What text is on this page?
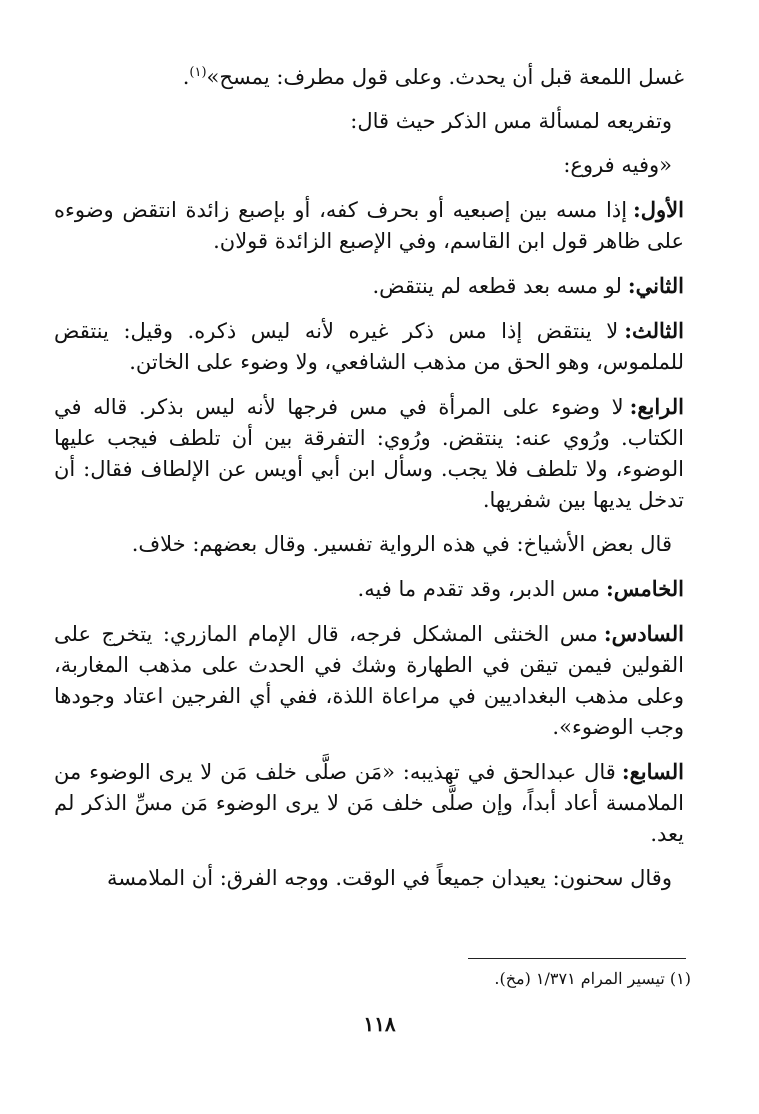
غسل اللمعة قبل أن يحدث. وعلى قول مطرف: يمسح»$^{(١)}$.

وتفريعه لمسألة مس الذكر حيث قال:

«وفيه فروع:

الأول:إذا مسه بين إصبعيه أو بحرف كفه، أو بإصبع زائدة انتقض وضوءه على ظاهر قول ابن القاسم، وفي الإصبع الزائدة قولان.

الثاني:لو مسه بعد قطعه لم ينتقض.

الثالث:لا ينتقض إذا مس ذكر غيره لأنه ليس ذكره. وقيل: ينتقض للملموس، وهو الحق من مذهب الشافعي، ولا وضوء على الخاتن.

الرابع:لا وضوء على المرأة في مس فرجها لأنه ليس بذكر. قاله في الكتاب. ورُوي عنه: ينتقض. ورُوي: التفرقة بين أن تلطف فيجب عليها الوضوء، ولا تلطف فلا يجب. وسأل ابن أبي أويس عن الإلطاف فقال: أن تدخل يديها بين شفريها.

قال بعض الأشياخ: في هذه الرواية تفسير. وقال بعضهم: خلاف.

الخامس:مس الدبر، وقد تقدم ما فيه.

السادس:مس الخنثى المشكل فرجه، قال الإمام المازري: يتخرج على القولين فيمن تيقن في الطهارة وشك في الحدث على مذهب المغاربة، وعلى مذهب البغداديين في مراعاة اللذة، ففي أي الفرجين اعتاد وجودها وجب الوضوء».

السابع:قال عبدالحق في تهذيبه: «مَن صلَّى خلف مَن لا يرى الوضوء من الملامسة أعاد أبداً، وإن صلَّى خلف مَن لا يرى الوضوء مَن مسِّ الذكر لم يعد.

وقال سحنون: يعيدان جميعاً في الوقت. ووجه الفرق: أن الملامسة

(١) تيسير المرام ١/٣٧١ (مخ).
١١٨
